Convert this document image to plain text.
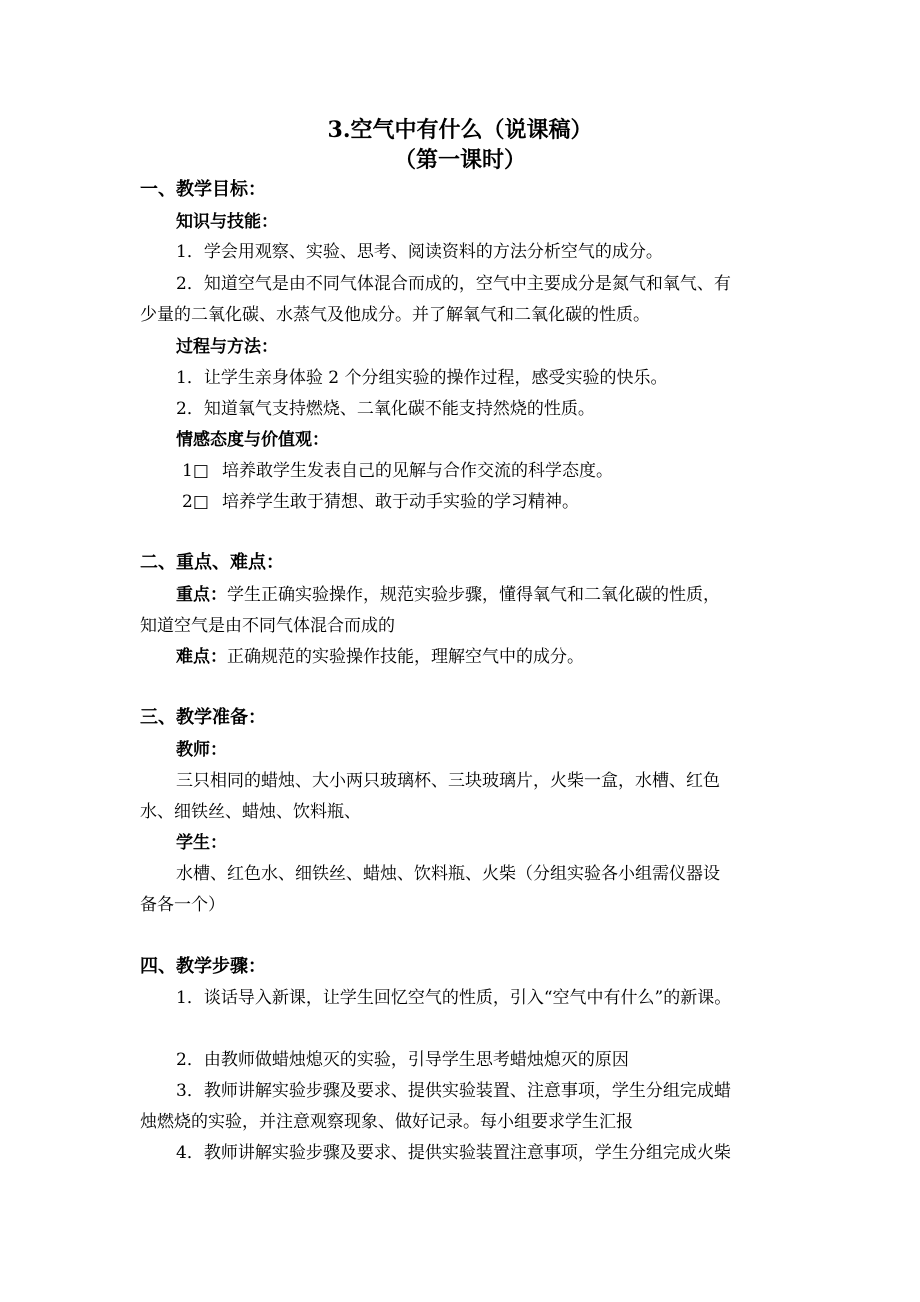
3.空气中有什么（说课稿）
（第一课时）
一、教学目标：
知识与技能：
1．学会用观察、实验、思考、阅读资料的方法分析空气的成分。
2．知道空气是由不同气体混合而成的，空气中主要成分是氮气和氧气、有
少量的二氧化碳、水蒸气及他成分。并了解氧气和二氧化碳的性质。
过程与方法：
1．让学生亲身体验 2 个分组实验的操作过程，感受实验的快乐。
2．知道氧气支持燃烧、二氧化碳不能支持然烧的性质。
情感态度与价值观：
1□ 培养敢学生发表自己的见解与合作交流的科学态度。
2□ 培养学生敢于猜想、敢于动手实验的学习精神。
二、重点、难点：
重点：学生正确实验操作，规范实验步骤，懂得氧气和二氧化碳的性质，
知道空气是由不同气体混合而成的
难点：正确规范的实验操作技能，理解空气中的成分。
三、教学准备：
教师：
三只相同的蜡烛、大小两只玻璃杯、三块玻璃片，火柴一盒，水槽、红色
水、细铁丝、蜡烛、饮料瓶、
学生：
水槽、红色水、细铁丝、蜡烛、饮料瓶、火柴（分组实验各小组需仪器设
备各一个）
四、教学步骤：
1．谈话导入新课，让学生回忆空气的性质，引入“空气中有什么”的新课。
2．由教师做蜡烛熄灭的实验，引导学生思考蜡烛熄灭的原因
3．教师讲解实验步骤及要求、提供实验装置、注意事项，学生分组完成蜡
烛燃烧的实验，并注意观察现象、做好记录。每小组要求学生汇报
4．教师讲解实验步骤及要求、提供实验装置注意事项，学生分组完成火柴
